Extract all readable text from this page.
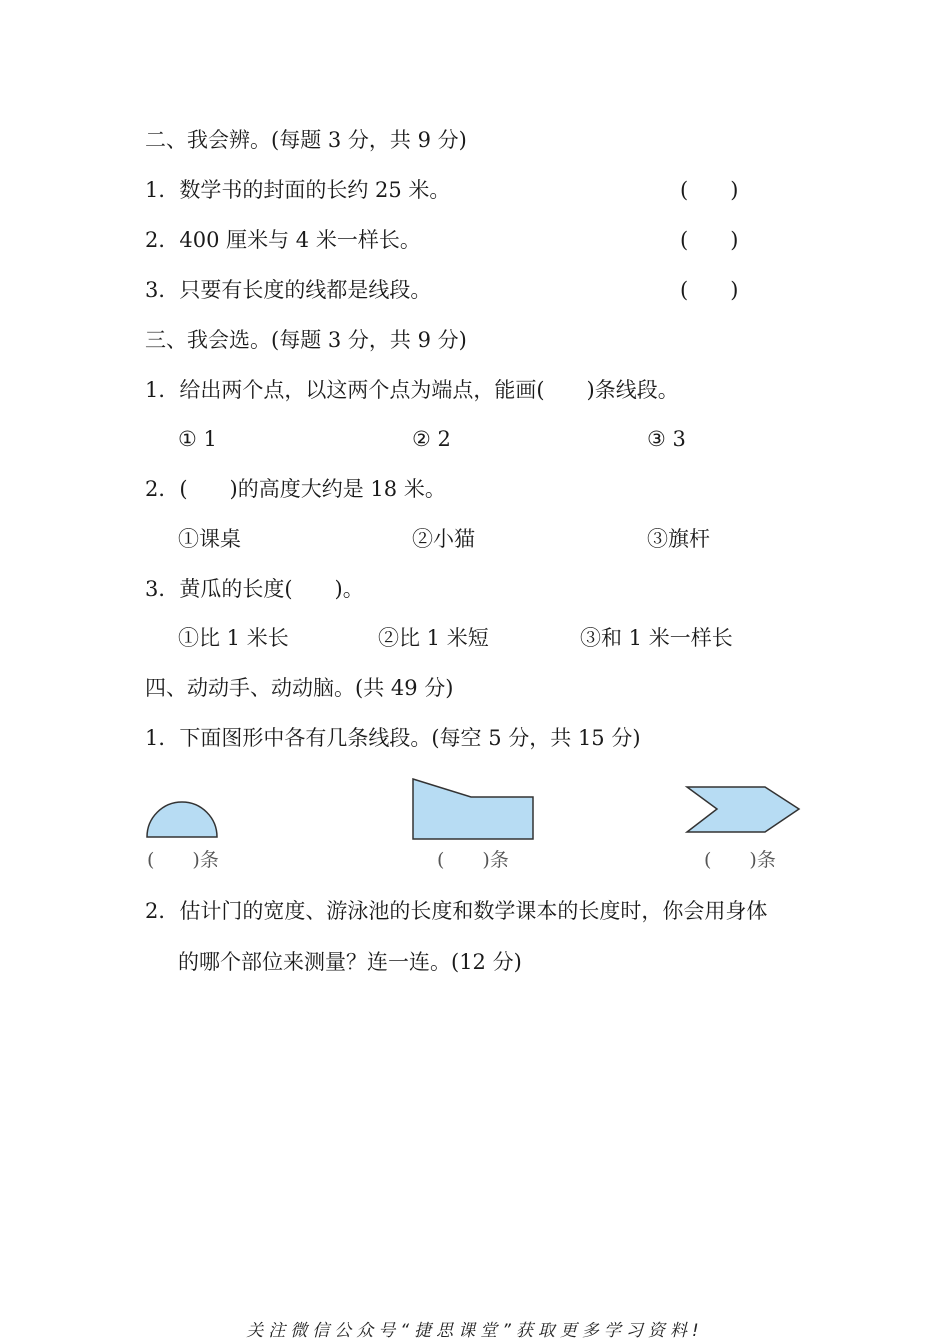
二、我会辨。(每题 3 分，共 9 分)
1．数学书的封面的长约 25 米。	(　　)
2．400 厘米与 4 米一样长。	(　　)
3．只要有长度的线都是线段。	(　　)
三、我会选。(每题 3 分，共 9 分)
1．给出两个点，以这两个点为端点，能画(　　)条线段。
① 1	② 2	③ 3
2．(　　)的高度大约是 18 米。
①课桌	②小猫	③旗杆
3．黄瓜的长度(　　)。
①比 1 米长	②比 1 米短	③和 1 米一样长
四、动动手、动动脑。(共 49 分)
1．下面图形中各有几条线段。(每空 5 分，共 15 分)
(　　)条	(　　)条	(　　)条
2．估计门的宽度、游泳池的长度和数学课本的长度时，你会用身体
的哪个部位来测量？连一连。(12 分)
关注微信公众号“捷思课堂”获取更多学习资料!
